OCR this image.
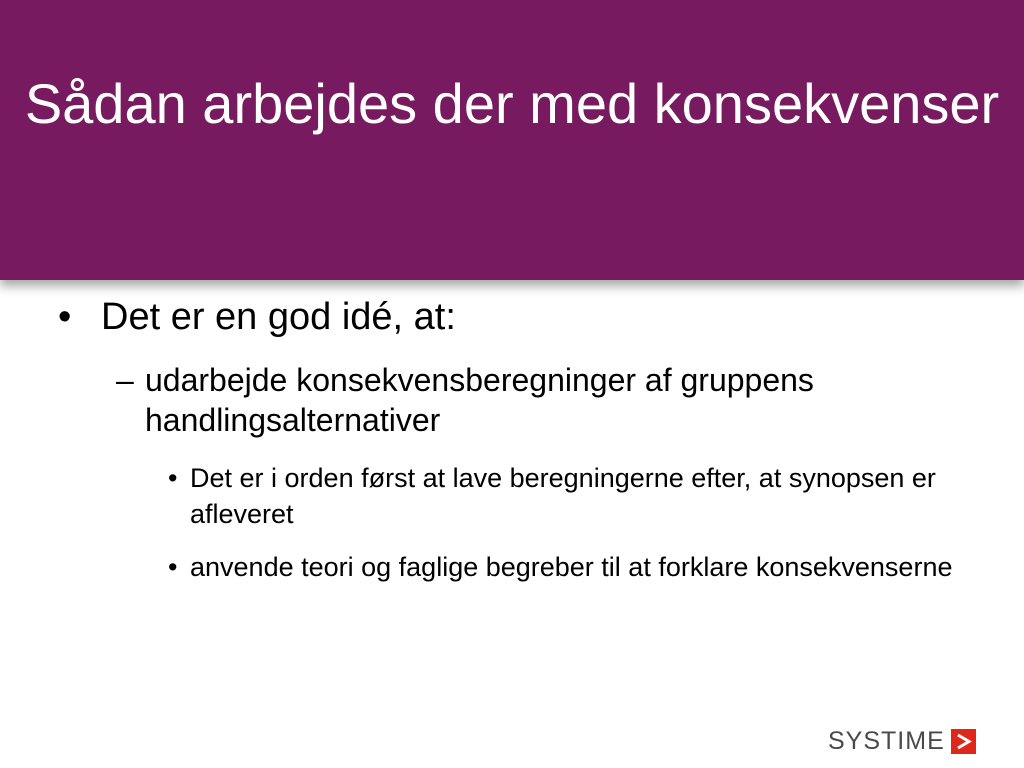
Sådan arbejdes der med konsekvenser
• Det er en god idé, at:
– udarbejde konsekvensberegninger af gruppens handlingsalternativer
• Det er i orden først at lave beregningerne efter, at synopsen er afleveret
• anvende teori og faglige begreber til at forklare konsekvenserne
SYSTIME
